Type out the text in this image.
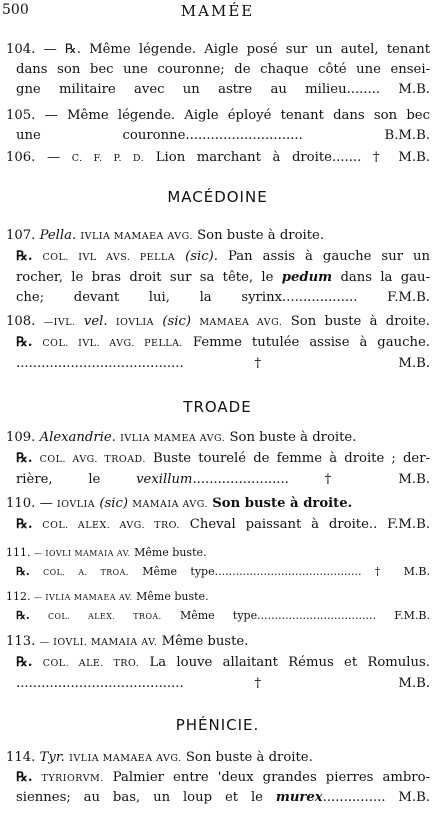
500	MAMÉE
104. — ℞. Même légende. Aigle posé sur un autel, tenant
dans son bec une couronne; de chaque côté une ensei-
gne militaire avec un astre au milieu........ M.B.
105. — Même légende. Aigle éployé tenant dans son bec
une couronne............................ B.M.B.
106. — C. F. P. D. Lion marchant à droite....... † M.B.
MACÉDOINE
107. Pella. IVLIA MAMAEA AVG. Son buste à droite.
℞. COL. IVL AVS. PELLA (sic). Pan assis à gauche sur un
rocher, le bras droit sur sa tête, le pedum dans la gau-
che; devant lui, la syrinx.................. F.M.B.
108. —IVL. vel. IOVLIA (sic) MAMAEA AVG. Son buste à droite.
℞. COL. IVL. AVG. PELLA. Femme tutulée assise à gauche.
........................................ † M.B.
TROADE
109. Alexandrie. IVLIA MAMEA AVG. Son buste à droite.
℞. COL. AVG. TROAD. Buste tourelé de femme à droite ; der-
rière, le	vexillum....................... † M.B.
110. — IOVLIA (sic) MAMAIA AVG. Son buste à droite.
℞. COL. ALEX. AVG. TRO. Cheval paissant à droite.. F.M.B.
111. — IOVLI MAMAIA AV. Même buste.
℞. COL. A. TROA. Même type.......................................... † M.B.
112. — IVLIA MAMAEA AV. Même buste.
℞. COL. ALEX. TROA. Même type.................................. F.M.B.
113. — IOVLI. MAMAIA AV. Même buste.
℞. COL. ALE. TRO. La louve allaitant Rémus et Romulus.
........................................ † M.B.
PHÉNICIE.
114. Tyr. IVLIA MAMAEA AVG. Son buste à droite.
℞. TYRIORVM. Palmier entre 'deux grandes pierres ambro-
siennes; au bas, un loup et le murex............... M.B.
